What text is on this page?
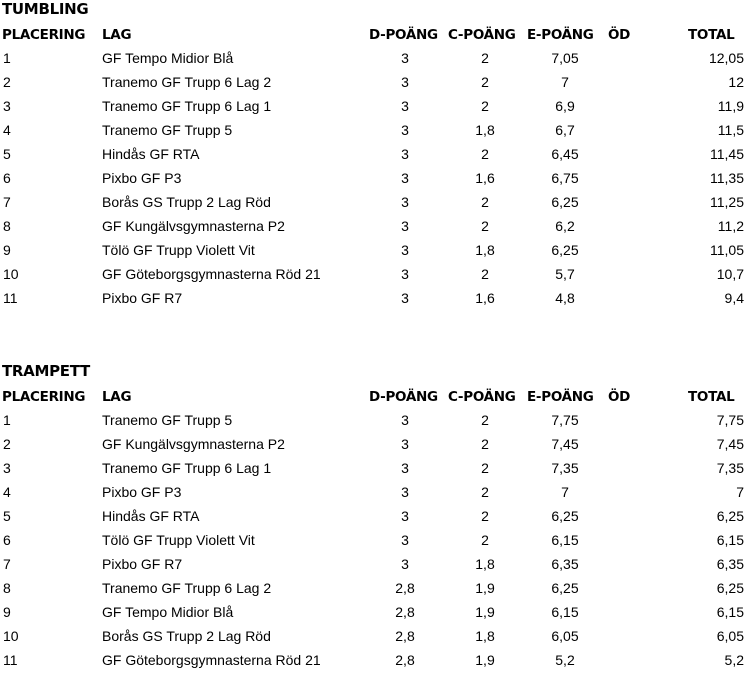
TUMBLING
PLACERING LAG	D-POÄNG C-POÄNG E-POÄNG ÖD	TOTAL
1	GF Tempo Midior Blå	3	2	7,05	12,05
2	Tranemo GF Trupp 6 Lag 2	3	2	7	12
3	Tranemo GF Trupp 6 Lag 1	3	2	6,9	11,9
4	Tranemo GF Trupp 5	3	1,8	6,7	11,5
5	Hindås GF RTA	3	2	6,45	11,45
6	Pixbo GF P3	3	1,6	6,75	11,35
7	Borås GS Trupp 2 Lag Röd	3	2	6,25	11,25
8	GF Kungälvsgymnasterna P2	3	2	6,2	11,2
9	Tölö GF Trupp Violett Vit	3	1,8	6,25	11,05
10	GF Göteborgsgymnasterna Röd 21	3	2	5,7	10,7
11	Pixbo GF R7	3	1,6	4,8	9,4
TRAMPETT
PLACERING LAG	D-POÄNG C-POÄNG E-POÄNG ÖD	TOTAL
1	Tranemo GF Trupp 5	3	2	7,75	7,75
2	GF Kungälvsgymnasterna P2	3	2	7,45	7,45
3	Tranemo GF Trupp 6 Lag 1	3	2	7,35	7,35
4	Pixbo GF P3	3	2	7	7
5	Hindås GF RTA	3	2	6,25	6,25
6	Tölö GF Trupp Violett Vit	3	2	6,15	6,15
7	Pixbo GF R7	3	1,8	6,35	6,35
8	Tranemo GF Trupp 6 Lag 2	2,8	1,9	6,25	6,25
9	GF Tempo Midior Blå	2,8	1,9	6,15	6,15
10	Borås GS Trupp 2 Lag Röd	2,8	1,8	6,05	6,05
11	GF Göteborgsgymnasterna Röd 21	2,8	1,9	5,2	5,2
